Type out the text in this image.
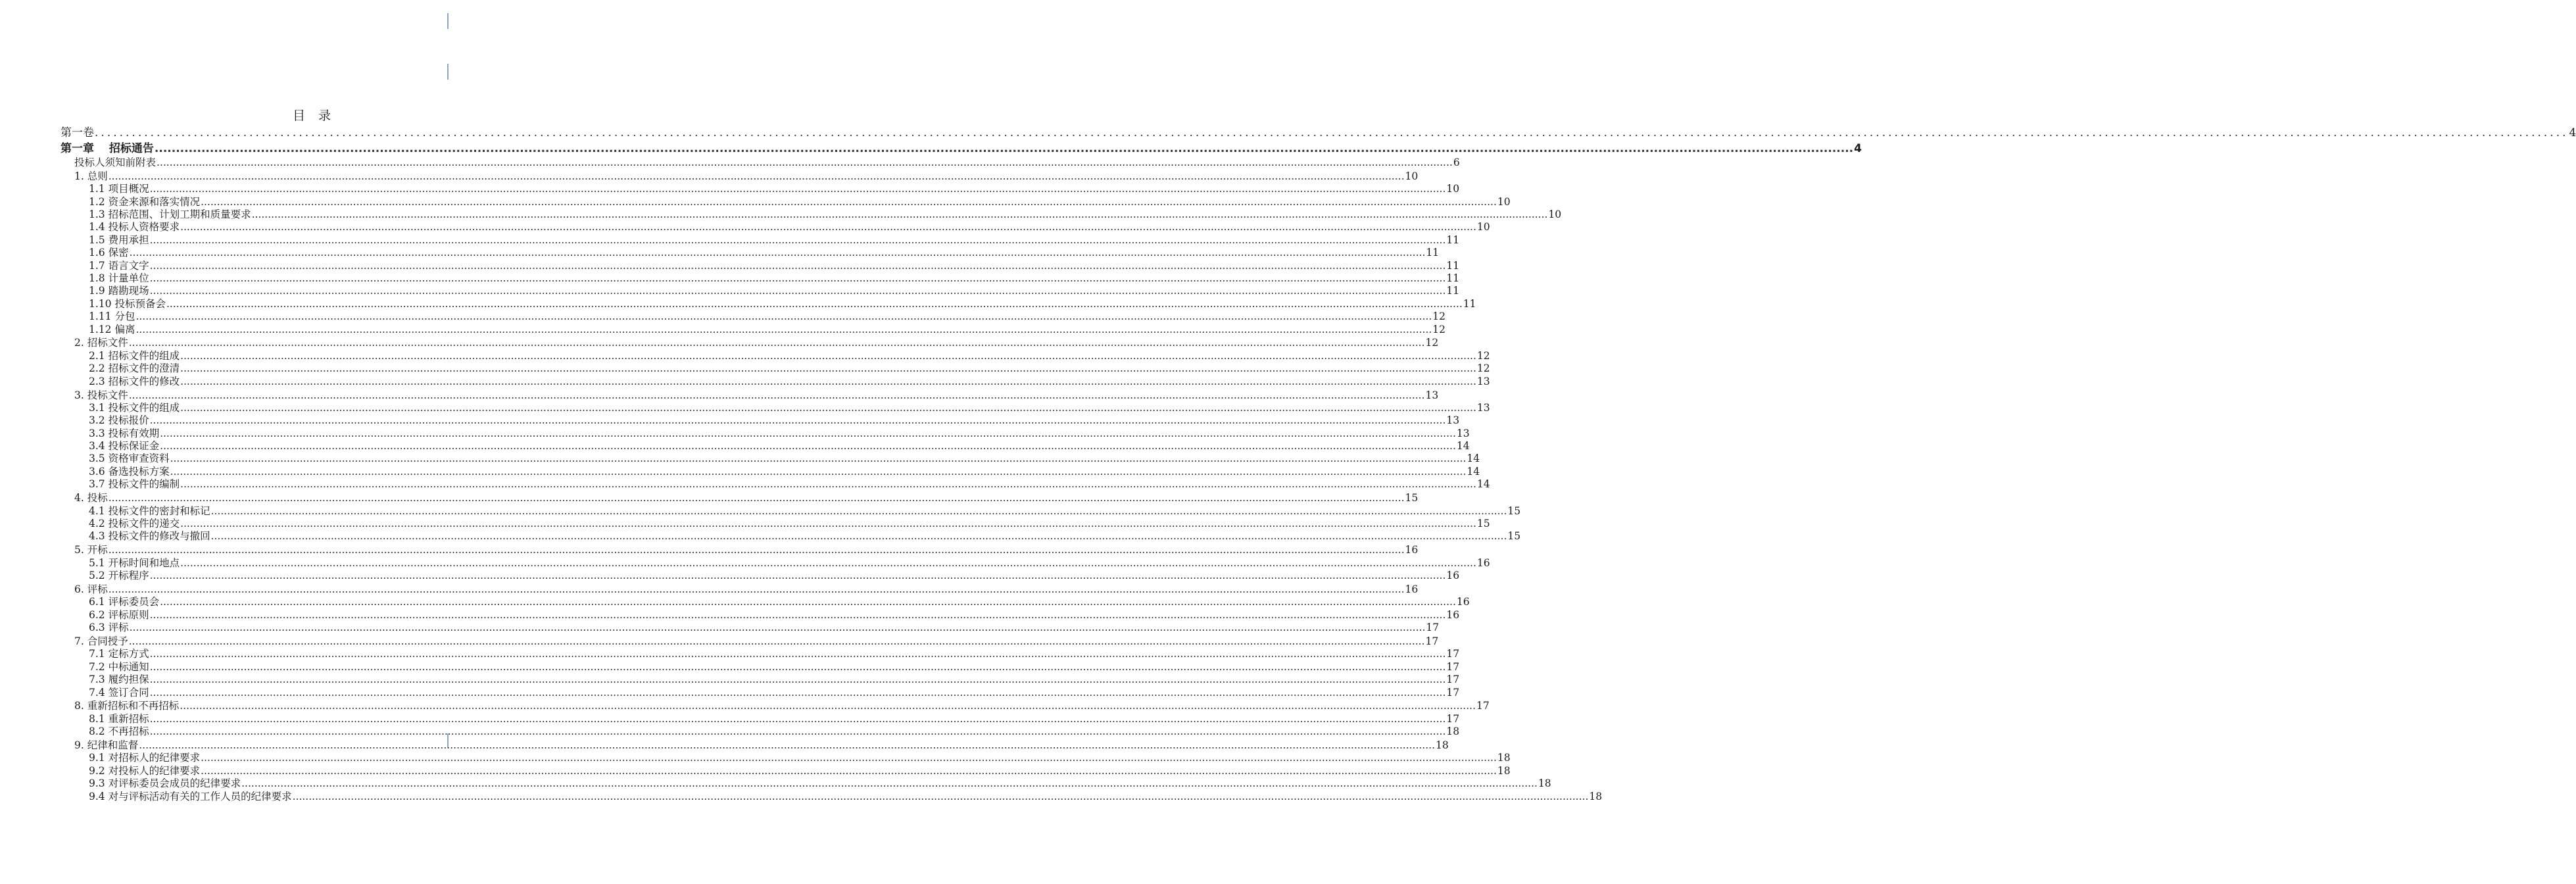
目 录
第一卷 ................................................................................................................................................................................................................................................................................................................................................................................................................ 4
第一章　 招标通告 ................................................................................................................................................................................................................................................................................................................................................................................................................ 4
投标人须知前附表 ................................................................................................................................................................................................................................................................................................................................................................................................................ 6
1. 总则 ................................................................................................................................................................................................................................................................................................................................................................................................................ 10
1.1 项目概况 ................................................................................................................................................................................................................................................................................................................................................................................................................ 10
1.2 资金来源和落实情况 ................................................................................................................................................................................................................................................................................................................................................................................................................ 10
1.3 招标范围、计划工期和质量要求 ................................................................................................................................................................................................................................................................................................................................................................................................................ 10
1.4 投标人资格要求 ................................................................................................................................................................................................................................................................................................................................................................................................................ 10
1.5 费用承担 ................................................................................................................................................................................................................................................................................................................................................................................................................ 11
1.6 保密 ................................................................................................................................................................................................................................................................................................................................................................................................................ 11
1.7 语言文字 ................................................................................................................................................................................................................................................................................................................................................................................................................ 11
1.8 计量单位 ................................................................................................................................................................................................................................................................................................................................................................................................................ 11
1.9 踏勘现场 ................................................................................................................................................................................................................................................................................................................................................................................................................ 11
1.10 投标预备会 ................................................................................................................................................................................................................................................................................................................................................................................................................ 11
1.11 分包 ................................................................................................................................................................................................................................................................................................................................................................................................................ 12
1.12 偏离 ................................................................................................................................................................................................................................................................................................................................................................................................................ 12
2. 招标文件 ................................................................................................................................................................................................................................................................................................................................................................................................................ 12
2.1 招标文件的组成 ................................................................................................................................................................................................................................................................................................................................................................................................................ 12
2.2 招标文件的澄清 ................................................................................................................................................................................................................................................................................................................................................................................................................ 12
2.3 招标文件的修改 ................................................................................................................................................................................................................................................................................................................................................................................................................ 13
3. 投标文件 ................................................................................................................................................................................................................................................................................................................................................................................................................ 13
3.1 投标文件的组成 ................................................................................................................................................................................................................................................................................................................................................................................................................ 13
3.2 投标报价 ................................................................................................................................................................................................................................................................................................................................................................................................................ 13
3.3 投标有效期 ................................................................................................................................................................................................................................................................................................................................................................................................................ 13
3.4 投标保证金 ................................................................................................................................................................................................................................................................................................................................................................................................................ 14
3.5 资格审查资料 ................................................................................................................................................................................................................................................................................................................................................................................................................ 14
3.6 备选投标方案 ................................................................................................................................................................................................................................................................................................................................................................................................................ 14
3.7 投标文件的编制 ................................................................................................................................................................................................................................................................................................................................................................................................................ 14
4. 投标 ................................................................................................................................................................................................................................................................................................................................................................................................................ 15
4.1 投标文件的密封和标记 ................................................................................................................................................................................................................................................................................................................................................................................................................ 15
4.2 投标文件的递交 ................................................................................................................................................................................................................................................................................................................................................................................................................ 15
4.3 投标文件的修改与撤回 ................................................................................................................................................................................................................................................................................................................................................................................................................ 15
5. 开标 ................................................................................................................................................................................................................................................................................................................................................................................................................ 16
5.1 开标时间和地点 ................................................................................................................................................................................................................................................................................................................................................................................................................ 16
5.2 开标程序 ................................................................................................................................................................................................................................................................................................................................................................................................................ 16
6. 评标 ................................................................................................................................................................................................................................................................................................................................................................................................................ 16
6.1 评标委员会 ................................................................................................................................................................................................................................................................................................................................................................................................................ 16
6.2 评标原则 ................................................................................................................................................................................................................................................................................................................................................................................................................ 16
6.3 评标 ................................................................................................................................................................................................................................................................................................................................................................................................................ 17
7. 合同授予 ................................................................................................................................................................................................................................................................................................................................................................................................................ 17
7.1 定标方式 ................................................................................................................................................................................................................................................................................................................................................................................................................ 17
7.2 中标通知 ................................................................................................................................................................................................................................................................................................................................................................................................................ 17
7.3 履约担保 ................................................................................................................................................................................................................................................................................................................................................................................................................ 17
7.4 签订合同 ................................................................................................................................................................................................................................................................................................................................................................................................................ 17
8. 重新招标和不再招标 ................................................................................................................................................................................................................................................................................................................................................................................................................ 17
8.1 重新招标 ................................................................................................................................................................................................................................................................................................................................................................................................................ 17
8.2 不再招标 ................................................................................................................................................................................................................................................................................................................................................................................................................ 18
9. 纪律和监督 ................................................................................................................................................................................................................................................................................................................................................................................................................ 18
9.1 对招标人的纪律要求 ................................................................................................................................................................................................................................................................................................................................................................................................................ 18
9.2 对投标人的纪律要求 ................................................................................................................................................................................................................................................................................................................................................................................................................ 18
9.3 对评标委员会成员的纪律要求 ................................................................................................................................................................................................................................................................................................................................................................................................................ 18
9.4 对与评标活动有关的工作人员的纪律要求 ................................................................................................................................................................................................................................................................................................................................................................................................................ 18
